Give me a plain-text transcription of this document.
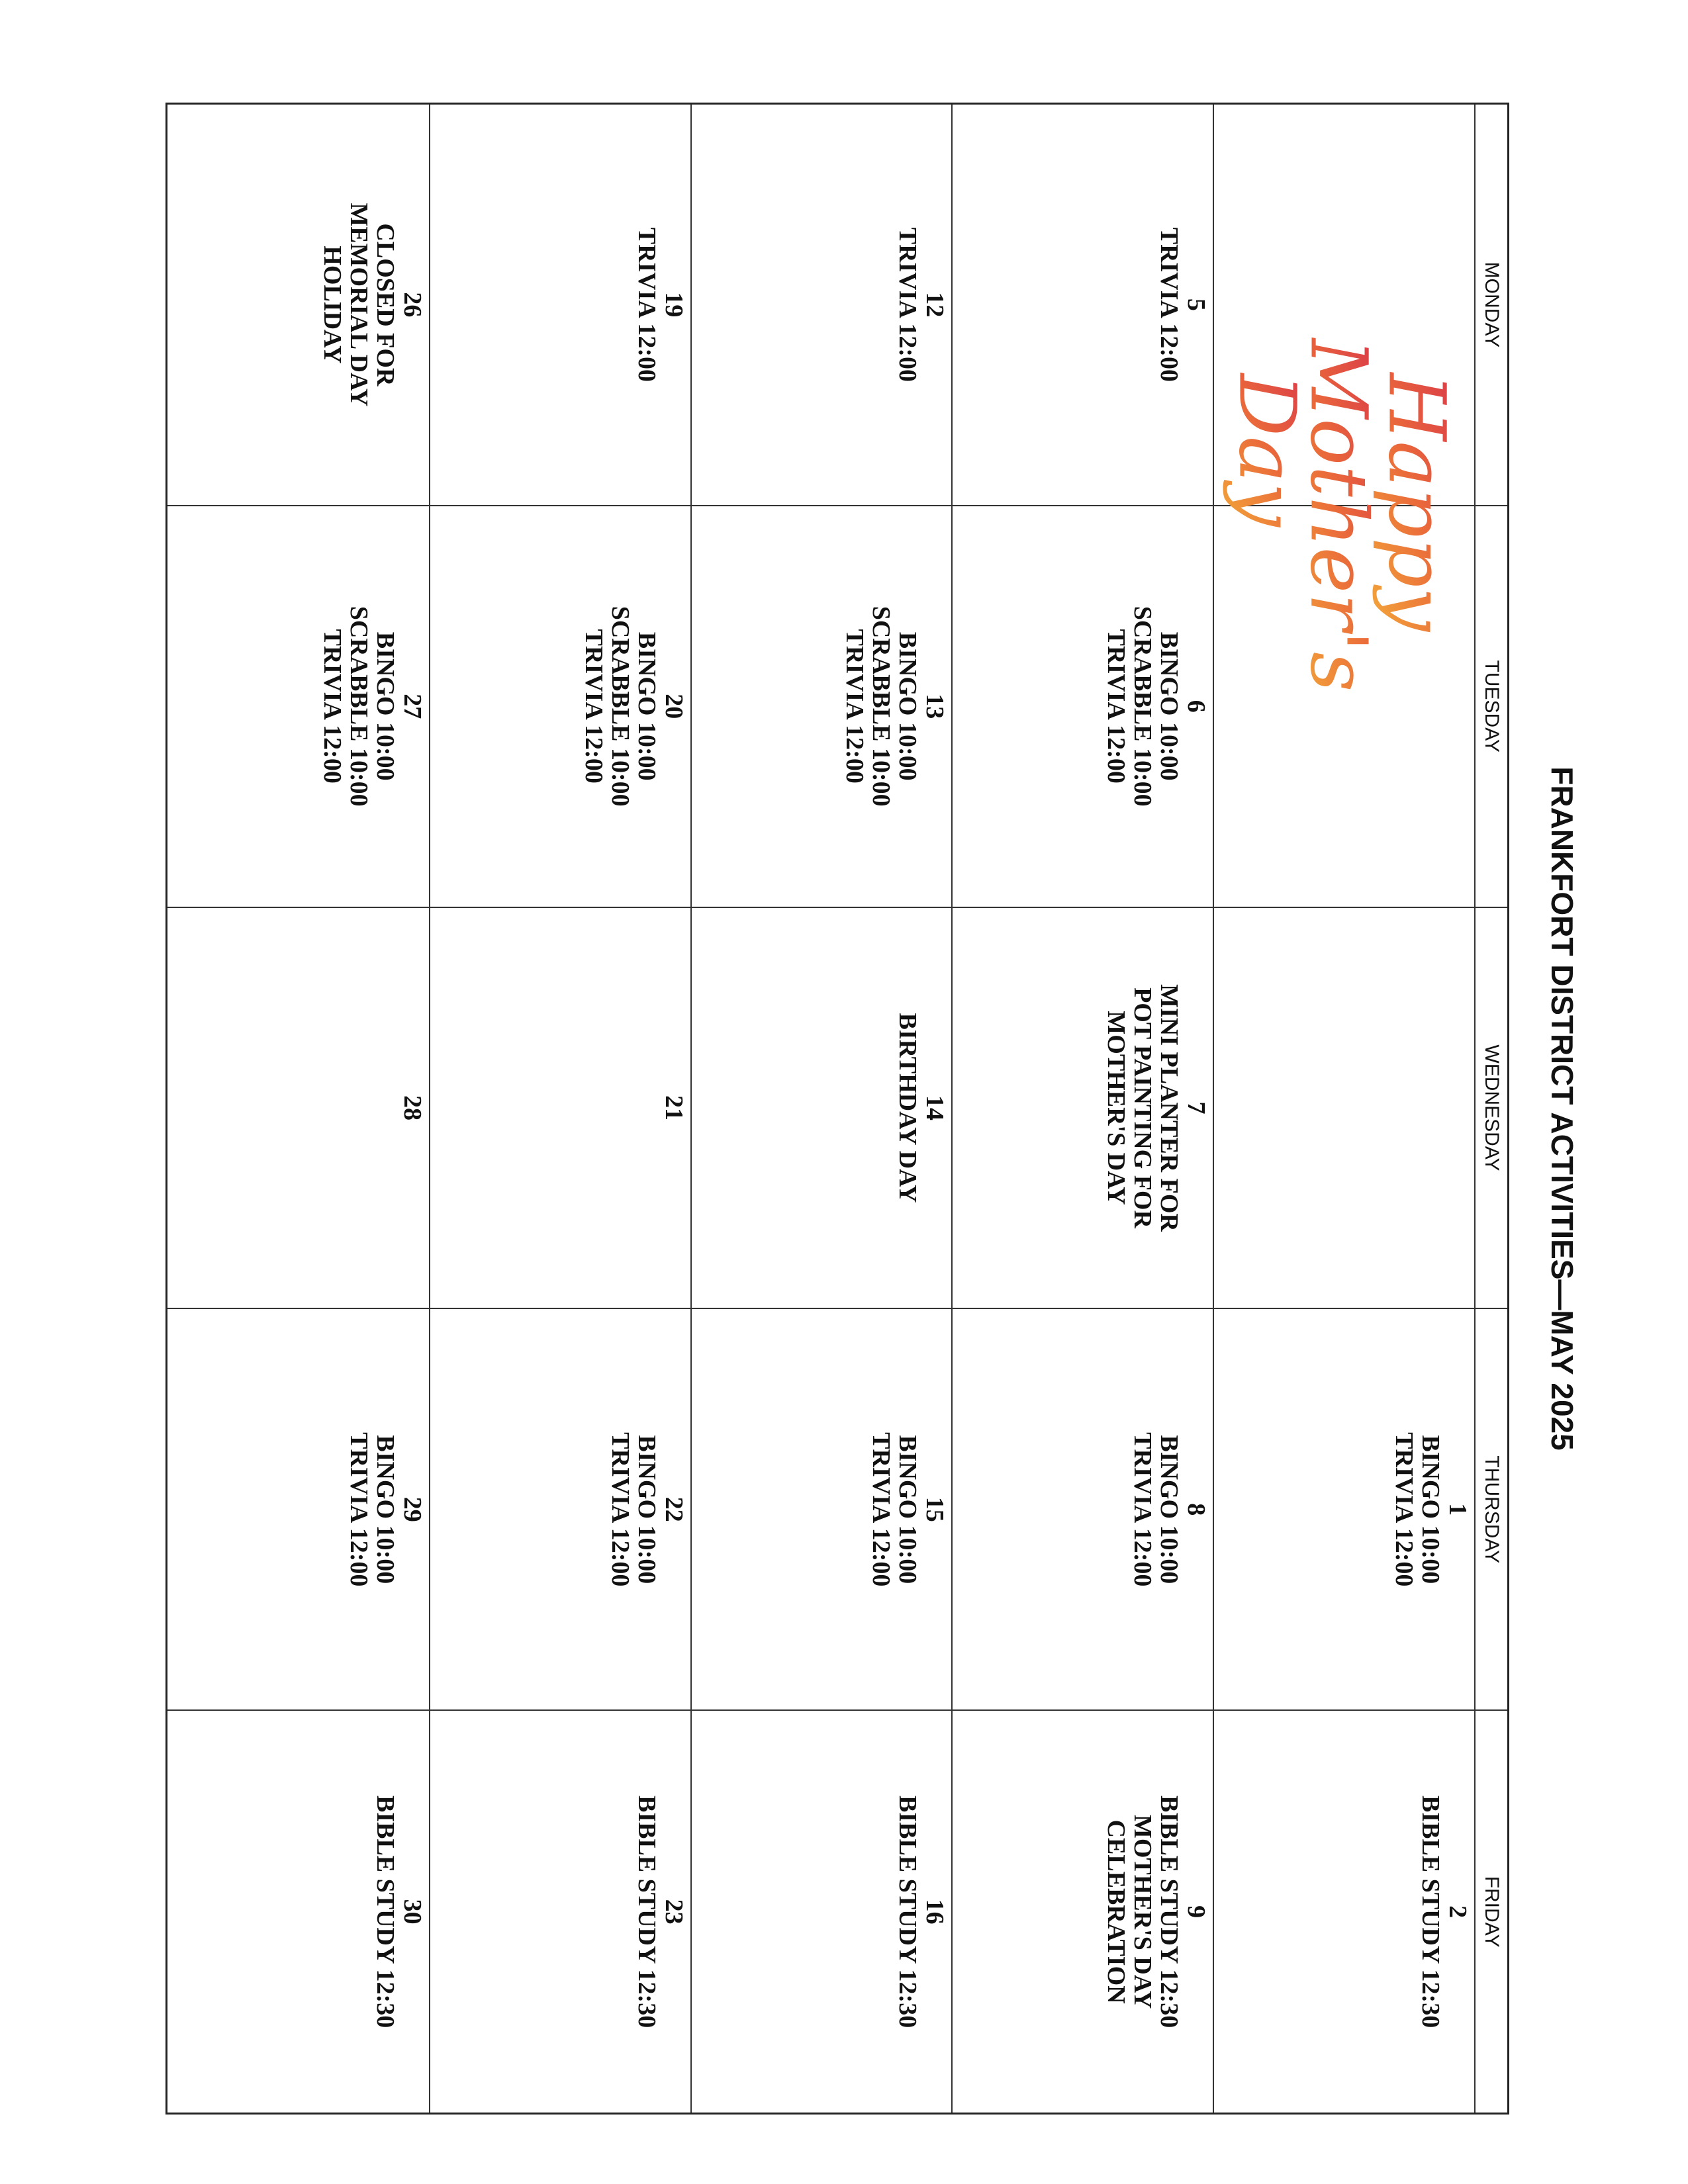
FRANKFORT DISTRICT ACTIVITIES—MAY 2025
MONDAY
TUESDAY
WEDNESDAY
THURSDAY
FRIDAY
Happy
Mother's
Day
1
BINGO 10:00
TRIVIA 12:00
2
BIBLE STUDY 12:30
5
TRIVIA 12:00
6
BINGO 10:00
SCRABBLE 10:00
TRIVIA 12:00
7
MINI PLANTER FOR
POT PAINTING FOR
MOTHER'S DAY
8
BINGO 10:00
TRIVIA 12:00
9
BIBLE STUDY 12:30
MOTHER'S DAY
CELEBRATION
12
TRIVIA 12:00
13
BINGO 10:00
SCRABBLE 10:00
TRIVIA 12:00
14
BIRTHDAY DAY
15
BINGO 10:00
TRIVIA 12:00
16
BIBLE STUDY 12:30
19
TRIVIA 12:00
20
BINGO 10:00
SCRABBLE 10:00
TRIVIA 12:00
21
22
BINGO 10:00
TRIVIA 12:00
23
BIBLE STUDY 12:30
26
CLOSED FOR
MEMORIAL DAY
HOLIDAY
27
BINGO 10:00
SCRABBLE 10:00
TRIVIA 12:00
28
29
BINGO 10:00
TRIVIA 12:00
30
BIBLE STUDY 12:30
